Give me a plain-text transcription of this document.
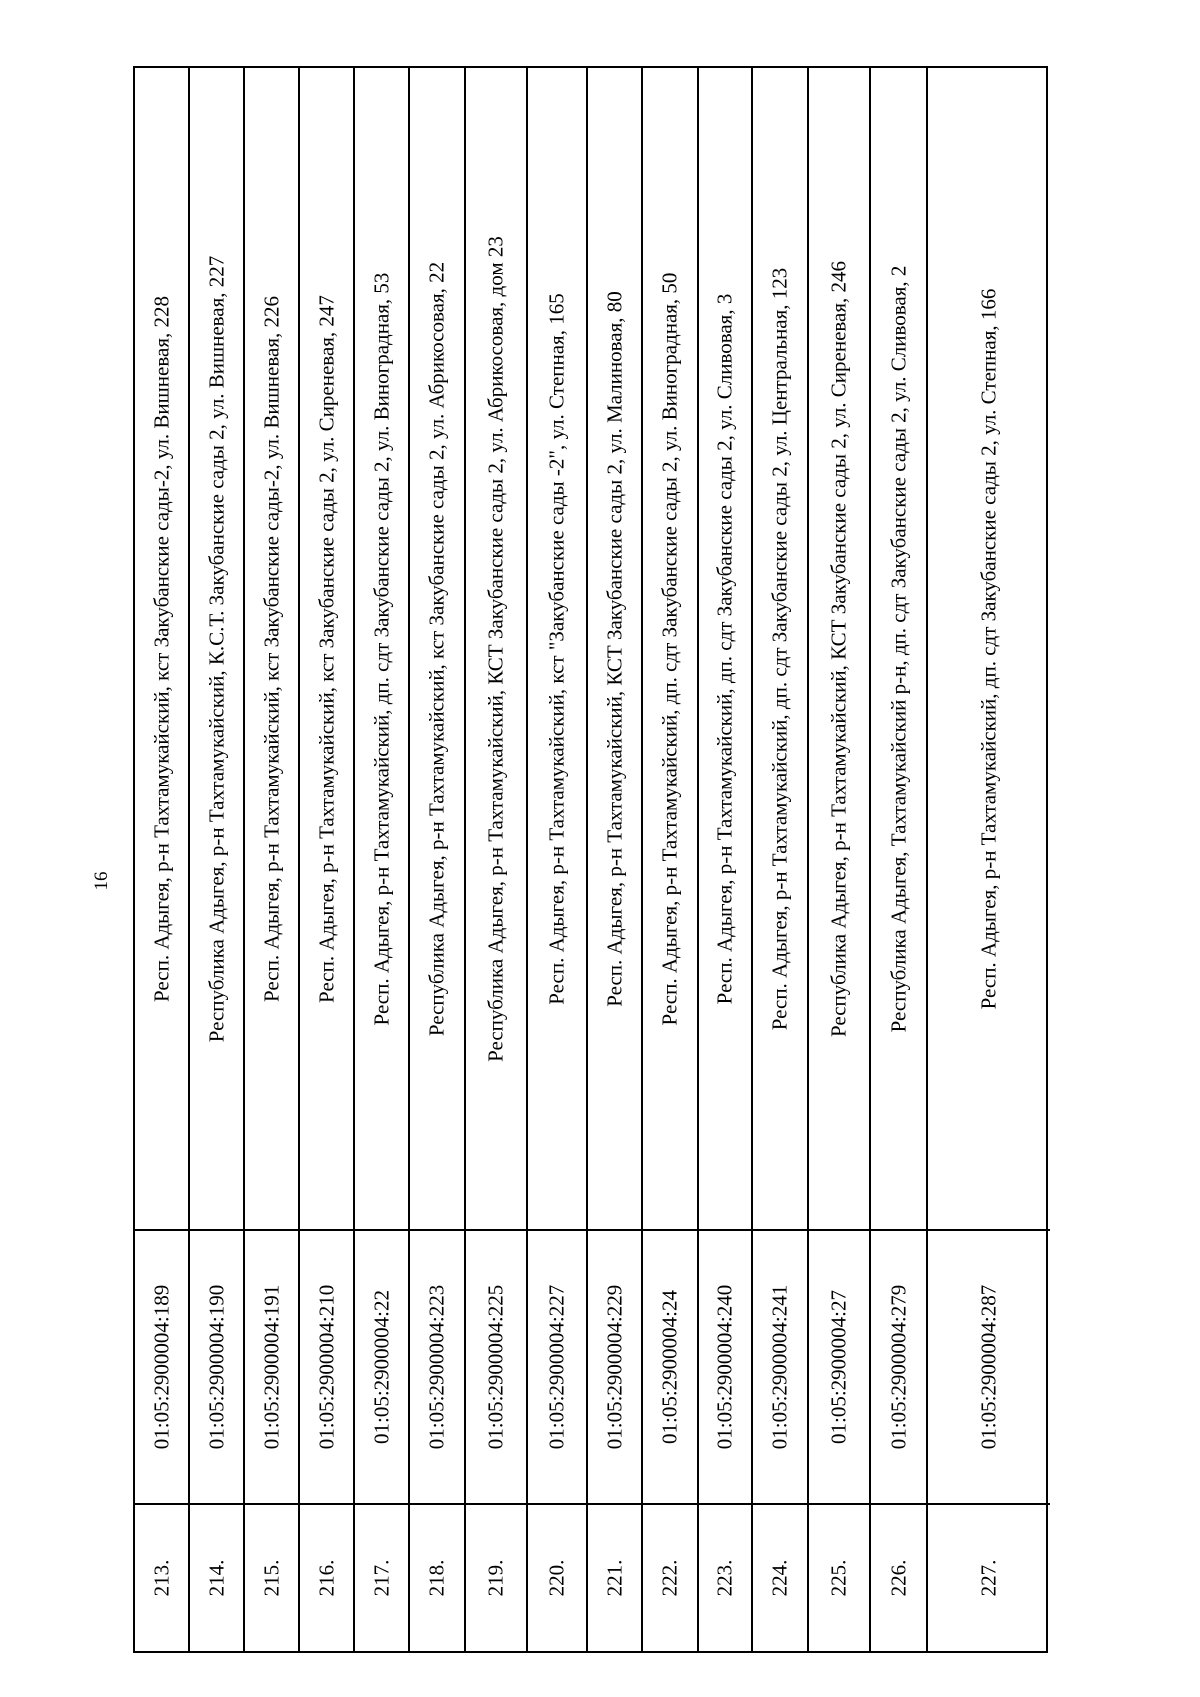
16 Респ. Адыгея, р-н Тахтамукайский, кст Закубанские сады-2, ул. Вишневая, 228
01:05:2900004:189
213.
Республика Адыгея, р-н Тахтамукайский, К.С.Т. Закубанские сады 2, ул. Вишневая, 227
01:05:2900004:190
214.
Респ. Адыгея, р-н Тахтамукайский, кст Закубанские сады-2, ул. Вишневая, 226
01:05:2900004:191
215.
Респ. Адыгея, р-н Тахтамукайский, кст Закубанские сады 2, ул. Сиреневая, 247
01:05:2900004:210
216.
Респ. Адыгея, р-н Тахтамукайский, дп. сдт Закубанские сады 2, ул. Виноградная, 53
01:05:2900004:22
217.
Республика Адыгея, р-н Тахтамукайский, кст Закубанские сады 2, ул. Абрикосовая, 22
01:05:2900004:223
218.
Республика Адыгея, р-н Тахтамукайский, КСТ Закубанские сады 2, ул. Абрикосовая, дом 23
01:05:2900004:225
219.
Респ. Адыгея, р-н Тахтамукайский, кст "Закубанские сады -2", ул. Степная, 165
01:05:2900004:227
220.
Респ. Адыгея, р-н Тахтамукайский, КСТ Закубанские сады 2, ул. Малиновая, 80
01:05:2900004:229
221.
Респ. Адыгея, р-н Тахтамукайский, дп. сдт Закубанские сады 2, ул. Виноградная, 50
01:05:2900004:24
222.
Респ. Адыгея, р-н Тахтамукайский, дп. сдт Закубанские сады 2, ул. Сливовая, 3
01:05:2900004:240
223.
Респ. Адыгея, р-н Тахтамукайский, дп. сдт Закубанские сады 2, ул. Центральная, 123
01:05:2900004:241
224.
Республика Адыгея, р-н Тахтамукайский, КСТ Закубанские сады 2, ул. Сиреневая, 246
01:05:2900004:27
225.
Республика Адыгея, Тахтамукайский р-н, дп. сдт Закубанские сады 2, ул. Сливовая, 2
01:05:2900004:279
226.
Респ. Адыгея, р-н Тахтамукайский, дп. сдт Закубанские сады 2, ул. Степная, 166
01:05:2900004:287
227.
